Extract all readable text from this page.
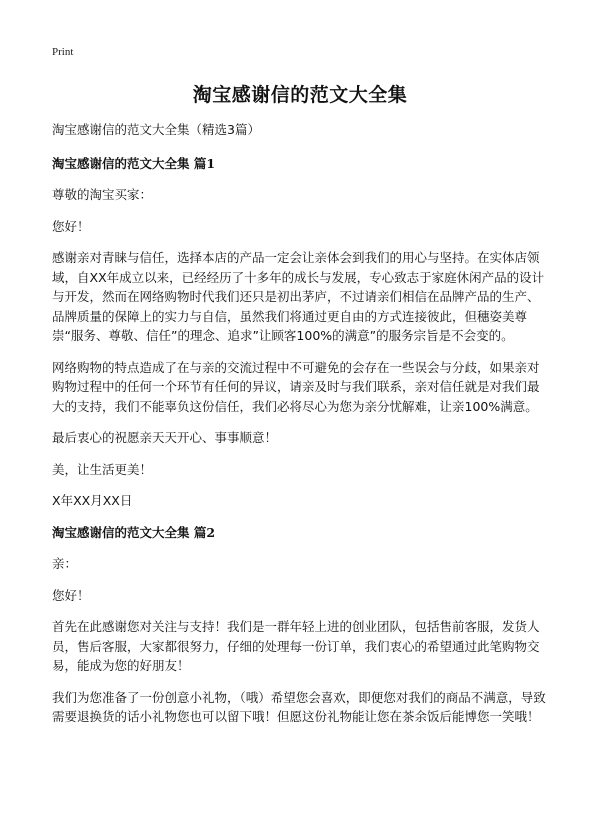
Print
淘宝感谢信的范文大全集

淘宝感谢信的范文大全集（精选3篇）

淘宝感谢信的范文大全集 篇1

尊敬的淘宝买家：

您好！

感谢亲对青睐与信任，选择本店的产品一定会让亲体会到我们的用心与坚持。在实体店领域，自XX年成立以来，已经经历了十多年的成长与发展，专心致志于家庭休闲产品的设计与开发，然而在网络购物时代我们还只是初出茅庐，不过请亲们相信在品牌产品的生产、品牌质量的保障上的实力与自信，虽然我们将通过更自由的方式连接彼此，但穗姿美尊崇“服务、尊敬、信任”的理念、追求”让顾客100%的满意”的服务宗旨是不会变的。

网络购物的特点造成了在与亲的交流过程中不可避免的会存在一些误会与分歧，如果亲对购物过程中的任何一个环节有任何的异议，请亲及时与我们联系，亲对信任就是对我们最大的支持，我们不能辜负这份信任，我们必将尽心为您为亲分忧解难，让亲100%满意。

最后衷心的祝愿亲天天开心、事事顺意！

美，让生活更美！

X年XX月XX日

淘宝感谢信的范文大全集 篇2

亲：

您好！

首先在此感谢您对关注与支持！我们是一群年轻上进的创业团队，包括售前客服，发货人员，售后客服，大家都很努力，仔细的处理每一份订单，我们衷心的希望通过此笔购物交易，能成为您的好朋友！

我们为您准备了一份创意小礼物，（哦）希望您会喜欢，即便您对我们的商品不满意，导致需要退换货的话小礼物您也可以留下哦！但愿这份礼物能让您在茶余饭后能博您一笑哦！
